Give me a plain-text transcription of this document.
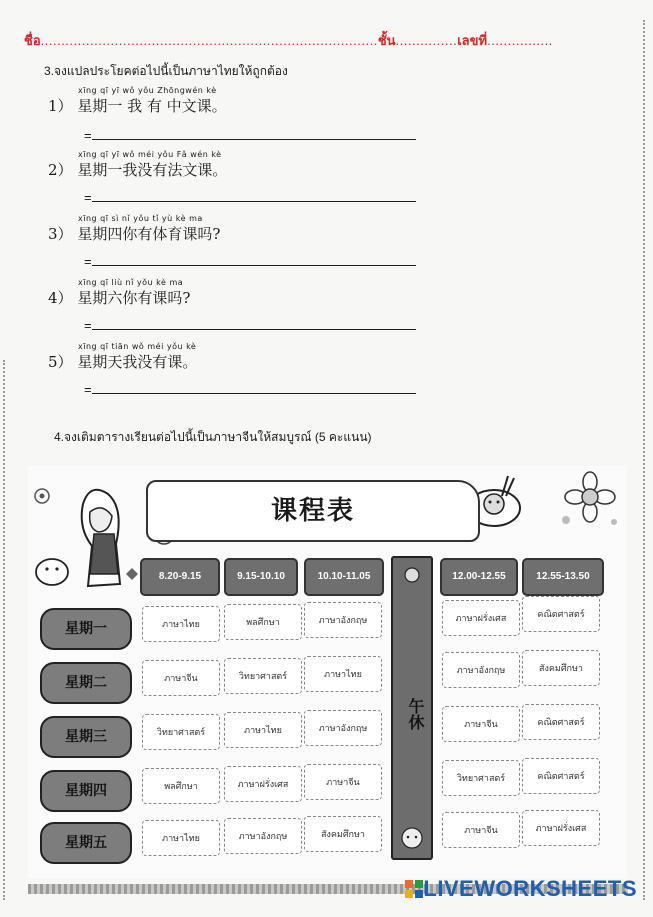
ชื่อ..................................................................................ชั้น...............เลขที่................
3.จงแปลประโยคต่อไปนี้เป็นภาษาไทยให้ถูกต้อง
xīng qī yī wǒ yǒu Zhōngwén kè
1） 星期一 我 有 中文课。
=
xīng qī yī wǒ méi yǒu Fǎ wén kè
2） 星期一我没有法文课。
=
xīng qī sì nǐ yǒu tǐ yù kè ma
3） 星期四你有体育课吗?
=
xīng qī liù nǐ yǒu kè ma
4） 星期六你有课吗?
=
xīng qī tiān wǒ méi yǒu kè
5） 星期天我没有课。
=
4.จงเติมตารางเรียนต่อไปนี้เป็นภาษาจีนให้สมบูรณ์ (5 คะแนน)
课程表
8.20-9.15	9.15-10.10	10.10-11.05	12.00-12.55	12.55-13.50
午休
星期一	ภาษาไทย	พลศึกษา	ภาษาอังกฤษ	ภาษาฝรั่งเศส	คณิตศาสตร์
星期二	ภาษาจีน	วิทยาศาสตร์	ภาษาไทย	ภาษาอังกฤษ	สังคมศึกษา
星期三	วิทยาศาสตร์	ภาษาไทย	ภาษาอังกฤษ	ภาษาจีน	คณิตศาสตร์
星期四	พลศึกษา	ภาษาฝรั่งเศส	ภาษาจีน	วิทยาศาสตร์	คณิตศาสตร์
星期五	ภาษาไทย	ภาษาอังกฤษ	สังคมศึกษา	ภาษาจีน	ภาษาฝรั่งเศส
LIVEWORKSHEETS
